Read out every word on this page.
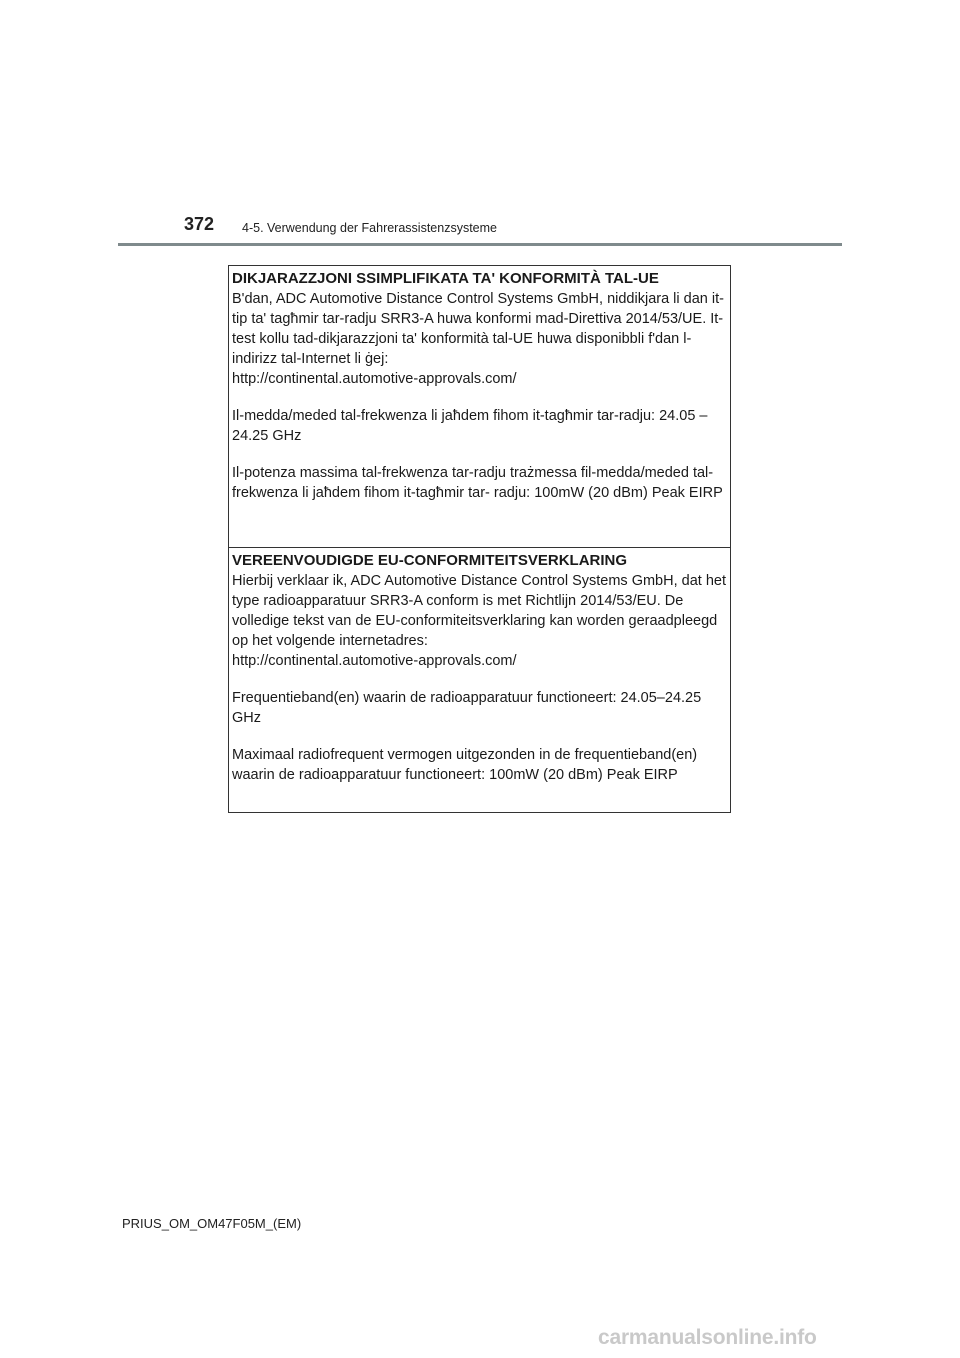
372 4-5. Verwendung der Fahrerassistenzsysteme
DIKJARAZZJONI SSIMPLIFIKATA TA' KONFORMITÀ TAL-UE

B'dan, ADC Automotive Distance Control Systems GmbH, niddikjara li dan it-tip ta' tagħmir tar-radju SRR3-A huwa konformi mad-Direttiva 2014/53/UE. It-test kollu tad-dikjarazzjoni ta' konformità tal-UE huwa disponibbli f'dan l-indirizz tal-Internet li ġej:

http://continental.automotive-approvals.com/

Il-medda/meded tal-frekwenza li jaħdem fihom it-tagħmir tar-radju: 24.05 –24.25 GHz

Il-potenza massima tal-frekwenza tar-radju trażmessa fil-medda/meded tal-frekwenza li jaħdem fihom it-tagħmir tar- radju: 100mW (20 dBm) Peak EIRP

VEREENVOUDIGDE EU-CONFORMITEITSVERKLARING

Hierbij verklaar ik, ADC Automotive Distance Control Systems GmbH, dat het type radioapparatuur SRR3-A conform is met Richtlijn 2014/53/EU. De volledige tekst van de EU-conformiteitsverklaring kan worden geraadpleegd op het volgende internetadres:

http://continental.automotive-approvals.com/

Frequentieband(en) waarin de radioapparatuur functioneert: 24.05–24.25 GHz

Maximaal radiofrequent vermogen uitgezonden in de frequentieband(en) waarin de radioapparatuur functioneert: 100mW (20 dBm) Peak EIRP

PRIUS_OM_OM47F05M_(EM)
carmanualsonline.info
